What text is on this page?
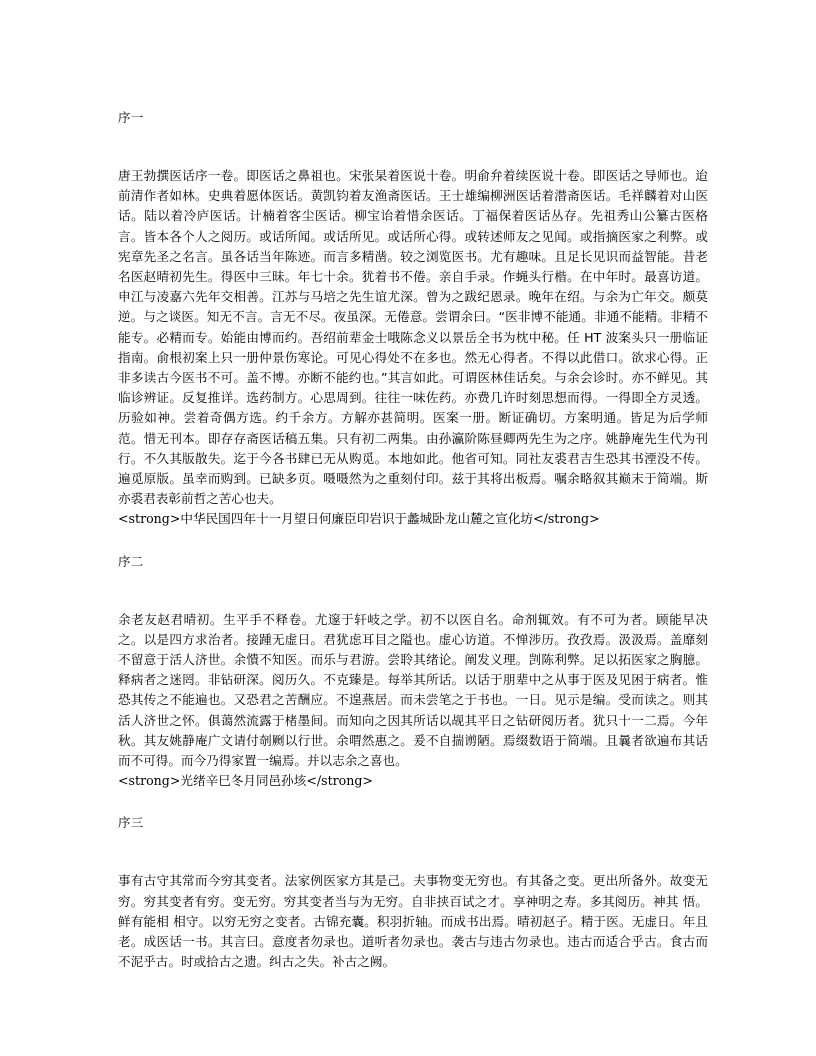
序一
唐王勃撰医话序一卷。即医话之鼻祖也。宋张杲着医说十卷。明俞弁着续医说十卷。即医话之导师也。迨前清作者如林。史典着愿体医话。黄凯钧着友渔斋医话。王士雄编柳洲医话着潜斋医话。毛祥麟着对山医话。陆以着冷庐医话。计楠着客尘医话。柳宝诒着惜余医话。丁福保着医话丛存。先祖秀山公纂古医格言。皆本各个人之阅历。或话所闻。或话所见。或话所心得。或转述师友之见闻。或指摘医家之利弊。或宪章先圣之名言。虽各话当年陈迹。而言多精凿。较之浏览医书。尤有趣味。且足长见识而益智能。昔老名医赵晴初先生。得医中三昧。年七十余。犹着书不倦。亲自手录。作蝇头行楷。在中年时。最喜访道。申江与凌嘉六先年交相善。江苏与马培之先生谊尤深。曾为之跋纪恩录。晚年在绍。与余为亡年交。颇莫逆。与之谈医。知无不言。言无不尽。夜虽深。无倦意。尝谓余曰。“医非博不能通。非通不能精。非精不能专。必精而专。始能由博而约。吾绍前辈金士哦陈念义以景岳全书为枕中秘。任 HT 波案头只一册临证指南。俞根初案上只一册仲景伤寒论。可见心得处不在多也。然无心得者。不得以此借口。欲求心得。正非多读古今医书不可。盖不博。亦断不能约也。”其言如此。可谓医林佳话矣。与余会诊时。亦不鲜见。其临诊辨证。反复推详。选药制方。心思周到。往往一味佐药。亦费几许时刻思想而得。一得即全方灵透。历验如神。尝着奇偶方选。约千余方。方解亦甚简明。医案一册。断证确切。方案明通。皆足为后学师范。惜无刊本。即存存斋医话稿五集。只有初二两集。由孙瀛阶陈昼卿两先生为之序。姚静庵先生代为刊行。不久其版散失。迄于今各书肆已无从购觅。本地如此。他省可知。同社友裘君吉生恐其书湮没不传。遍觅原版。虽幸而购到。已缺多页。嗫嗫然为之重刻付印。兹于其将出板焉。嘱余略叙其巅末于简端。斯亦裘君表彰前哲之苦心也夫。
<strong>中华民国四年十一月望日何廉臣印岩识于蠡城卧龙山麓之宣化坊</strong>
序二
余老友赵君晴初。生平手不释卷。尤邃于轩岐之学。初不以医自名。命剂辄效。有不可为者。顾能早决之。以是四方求治者。接踵无虚日。君犹虑耳目之隘也。虚心访道。不惮涉历。孜孜焉。汲汲焉。盖靡刻不留意于活人济世。余憒不知医。而乐与君游。尝聆其绪论。阐发义理。剀陈利弊。足以拓医家之胸臆。释病者之迷罔。非钻研深。阅历久。不克臻是。每举其所话。以话于朋辈中之从事于医及见困于病者。惟恐其传之不能遍也。又恐君之苦酬应。不遑燕居。而未尝笔之于书也。一日。见示是编。受而读之。则其活人济世之怀。俱蔼然流露于楮墨间。而知向之因其所话以觇其平日之钻研阅历者。犹只十一二焉。今年秋。其友姚静庵广文请付剞劂以行世。余喟然惠之。爰不自揣谫陋。焉缀数语于简端。且曩者欲遍布其话而不可得。而今乃得家置一编焉。并以志余之喜也。
<strong>光绪辛巳冬月同邑孙垓</strong>
序三
事有古守其常而今穷其变者。法家例医家方其是己。夫事物变无穷也。有其备之变。更出所备外。故变无穷。穷其变者有穷。变无穷。穷其变者当与为无穷。自非挟百试之才。享神明之寿。多其阅历。神其 悟。鲜有能相 相守。以穷无穷之变者。古锦充囊。积羽折轴。而成书出焉。晴初赵子。精于医。无虚日。年且老。成医话一书。其言曰。意度者勿录也。道听者勿录也。袭古与违古勿录也。违古而适合乎古。食古而不泥乎古。时或拾古之遗。纠古之失。补古之阙。
